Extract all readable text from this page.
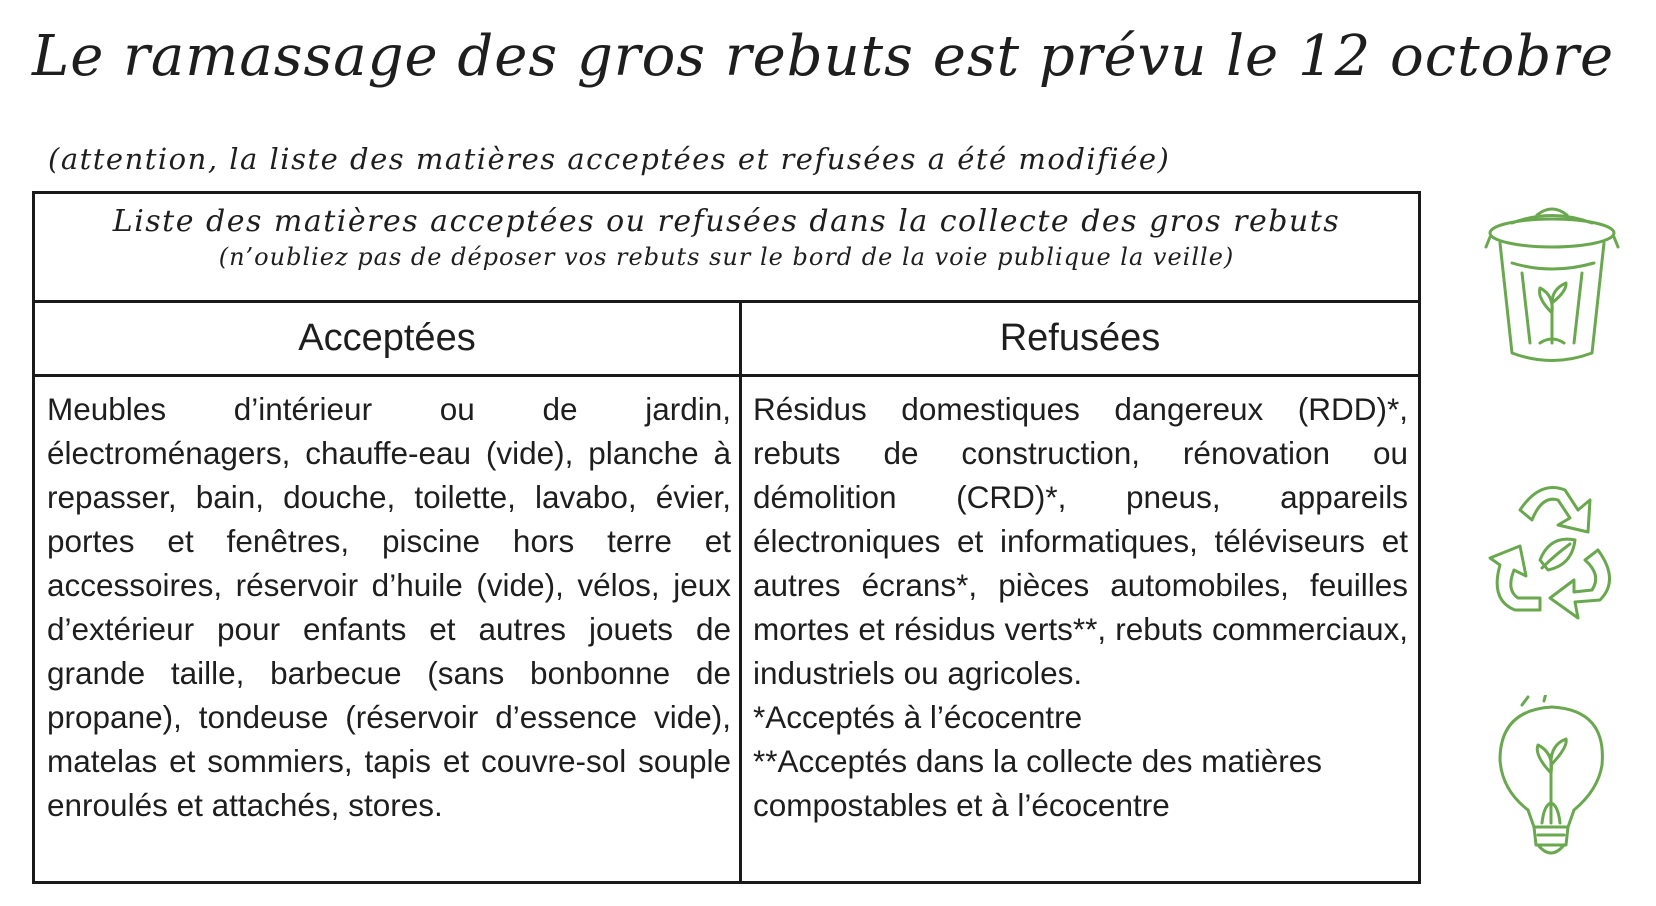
Le ramassage des gros rebuts est prévu le 12 octobre (attention, la liste des matières acceptées et refusées a été modifiée)
Liste des matières acceptées ou refusées dans la collecte des gros rebuts
(n’oubliez pas de déposer vos rebuts sur le bord de la voie publique la veille)
Acceptées	Refusées

Meubles d’intérieur ou de jardin, électroménagers, chauffe-eau (vide), planche à repasser, bain, douche, toilette, lavabo, évier, portes et fenêtres, piscine hors terre et accessoires, réservoir d’huile (vide), vélos, jeux d’extérieur pour enfants et autres jouets de grande taille, barbecue (sans bonbonne de propane), tondeuse (réservoir d’essence vide), matelas et sommiers, tapis et couvre-sol souple enroulés et attachés, stores.

Résidus domestiques dangereux (RDD)*, rebuts de construction, rénovation ou démolition (CRD)*, pneus, appareils électroniques et informatiques, téléviseurs et autres écrans*, pièces automobiles, feuilles mortes et résidus verts**, rebuts commerciaux, industriels ou agricoles.

*Acceptés à l’écocentre

**Acceptés dans la collecte des matières compostables et à l’écocentre
